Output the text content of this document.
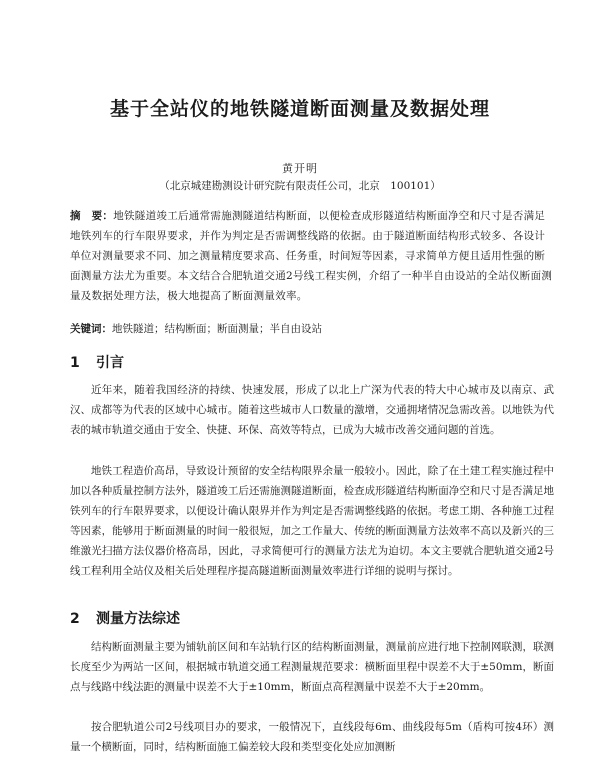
基于全站仪的地铁隧道断面测量及数据处理
黄开明
（北京城建勘测设计研究院有限责任公司，北京　100101）
摘　要：地铁隧道竣工后通常需施测隧道结构断面，以便检查成形隧道结构断面净空和尺寸是否满足地铁列车的行车限界要求，并作为判定是否需调整线路的依据。由于隧道断面结构形式较多、各设计单位对测量要求不同、加之测量精度要求高、任务重，时间短等因素，寻求简单方便且适用性强的断面测量方法尤为重要。本文结合合肥轨道交通2号线工程实例，介绍了一种半自由设站的全站仪断面测量及数据处理方法，极大地提高了断面测量效率。
关键词：地铁隧道；结构断面；断面测量；半自由设站
1 引言
近年来，随着我国经济的持续、快速发展，形成了以北上广深为代表的特大中心城市及以南京、武汉、成都等为代表的区域中心城市。随着这些城市人口数量的激增，交通拥堵情况急需改善。以地铁为代表的城市轨道交通由于安全、快捷、环保、高效等特点，已成为大城市改善交通问题的首选。
地铁工程造价高昂，导致设计预留的安全结构限界余量一般较小。因此，除了在土建工程实施过程中加以各种质量控制方法外，隧道竣工后还需施测隧道断面，检查成形隧道结构断面净空和尺寸是否满足地铁列车的行车限界要求，以便设计确认限界并作为判定是否需调整线路的依据。考虑工期、各种施工过程等因素，能够用于断面测量的时间一般很短，加之工作量大、传统的断面测量方法效率不高以及新兴的三维激光扫描方法仪器价格高昂，因此，寻求简便可行的测量方法尤为迫切。本文主要就合肥轨道交通2号线工程利用全站仪及相关后处理程序提高隧道断面测量效率进行详细的说明与探讨。
2 测量方法综述
结构断面测量主要为铺轨前区间和车站轨行区的结构断面测量，测量前应进行地下控制网联测，联测长度至少为两站一区间，根据城市轨道交通工程测量规范要求：横断面里程中误差不大于±50mm，断面点与线路中线法距的测量中误差不大于±10mm，断面点高程测量中误差不大于±20mm。
按合肥轨道公司2号线项目办的要求，一般情况下，直线段每6m、曲线段每5m（盾构可按4环）测量一个横断面，同时，结构断面施工偏差较大段和类型变化处应加测断
